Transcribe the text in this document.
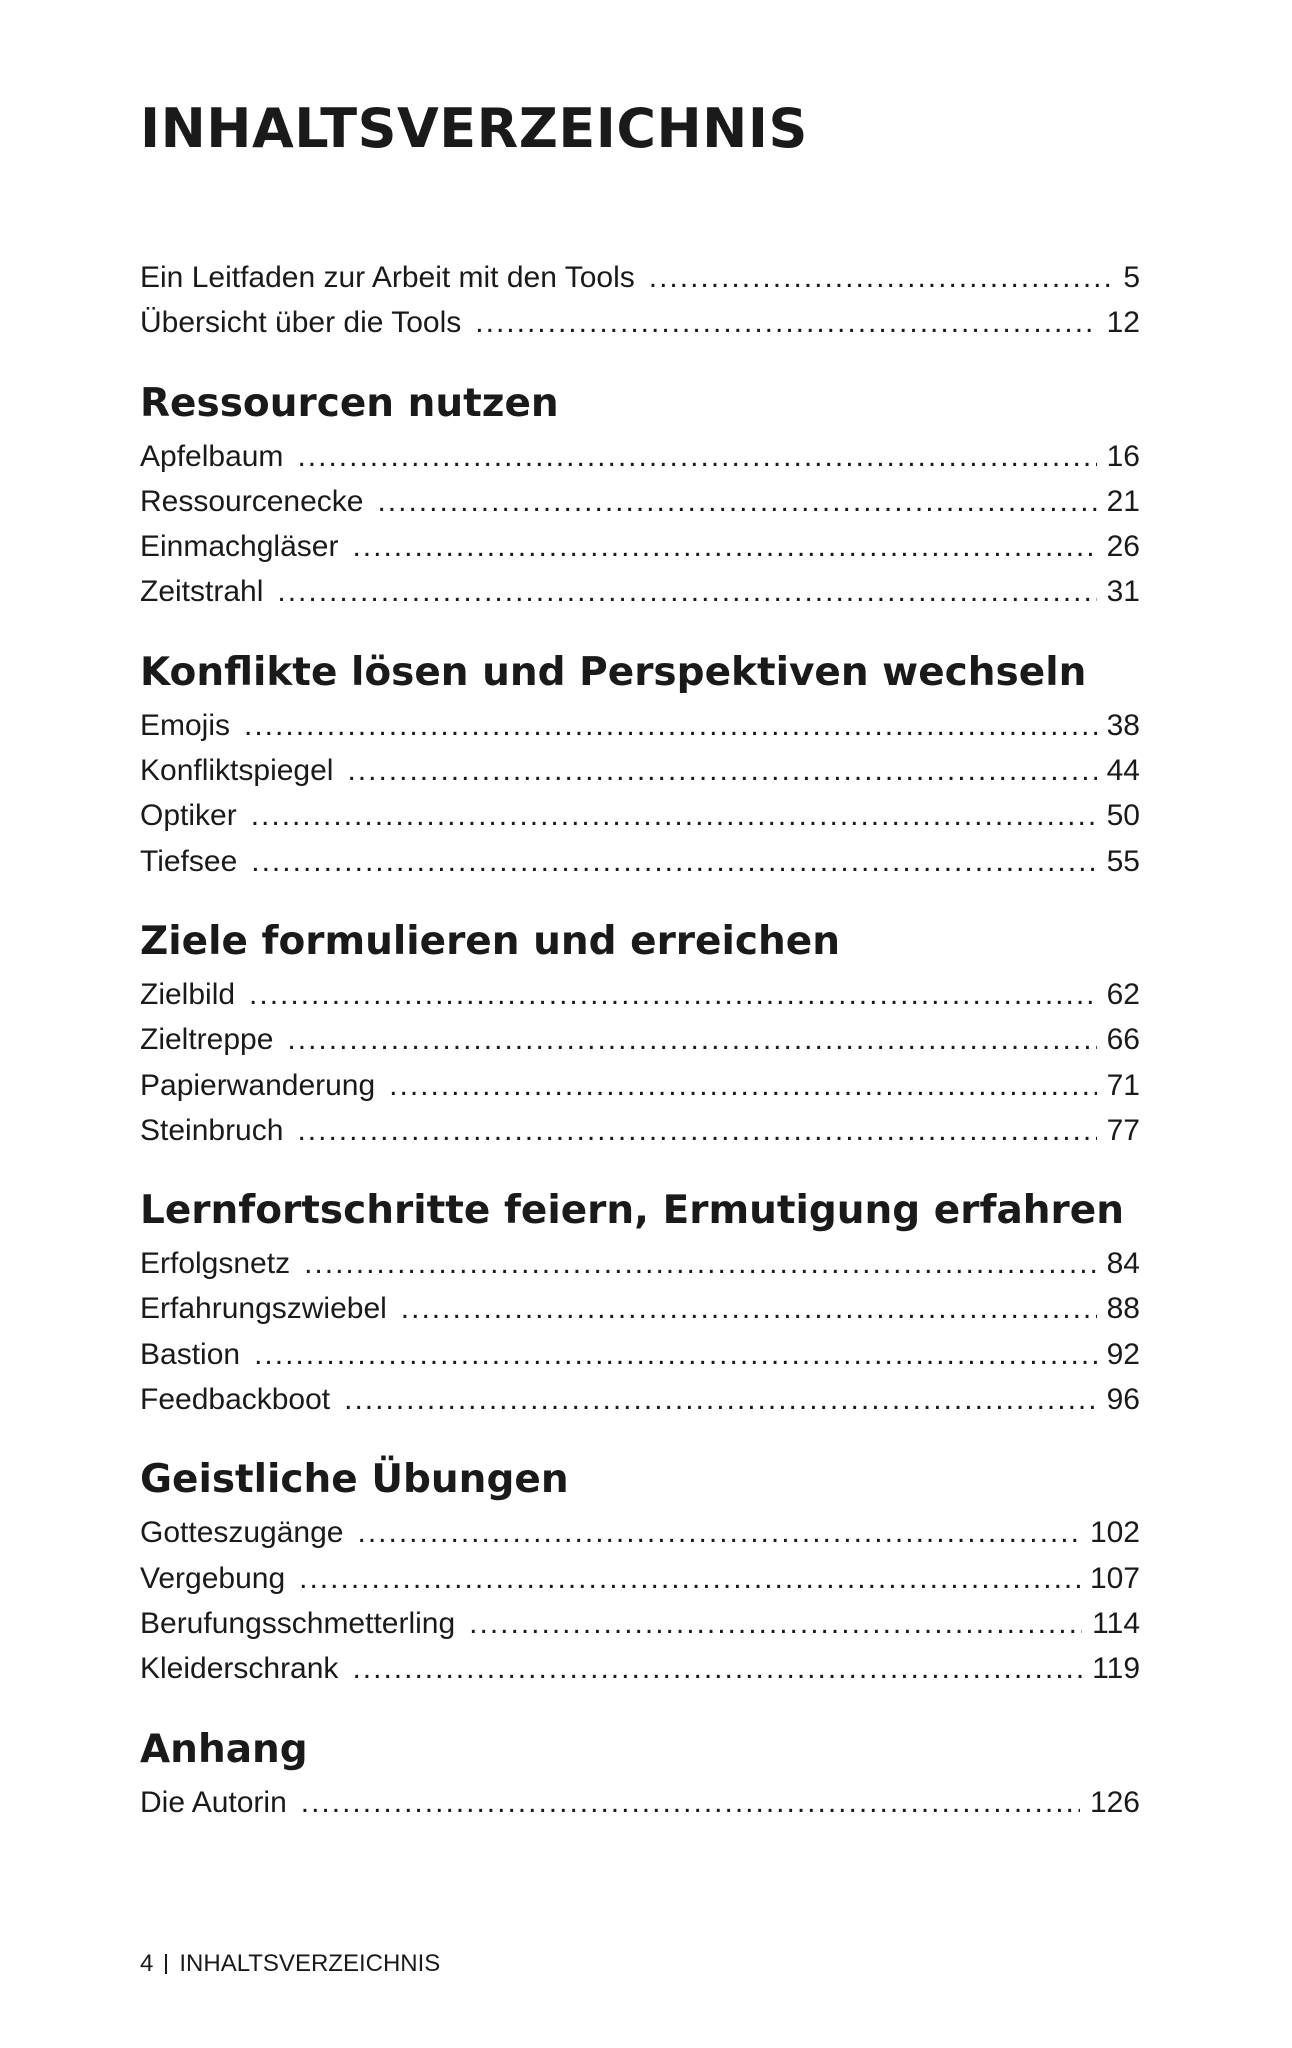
INHALTSVERZEICHNIS
Ein Leitfaden zur Arbeit mit den Tools .....	5
Übersicht über die Tools .....	12
Ressourcen nutzen
Apfelbaum .....	16
Ressourcenecke .....	21
Einmachgläser .....	26
Zeitstrahl .....	31
Konflikte lösen und Perspektiven wechseln
Emojis .....	38
Konfliktspiegel .....	44
Optiker .....	50
Tiefsee .....	55
Ziele formulieren und erreichen
Zielbild .....	62
Zieltreppe .....	66
Papierwanderung .....	71
Steinbruch .....	77
Lernfortschritte feiern, Ermutigung erfahren
Erfolgsnetz .....	84
Erfahrungszwiebel .....	88
Bastion .....	92
Feedbackboot .....	96
Geistliche Übungen
Gotteszugänge .....	102
Vergebung .....	107
Berufungsschmetterling .....	114
Kleiderschrank .....	119
Anhang
Die Autorin .....	126
4 INHALTSVERZEICHNIS
